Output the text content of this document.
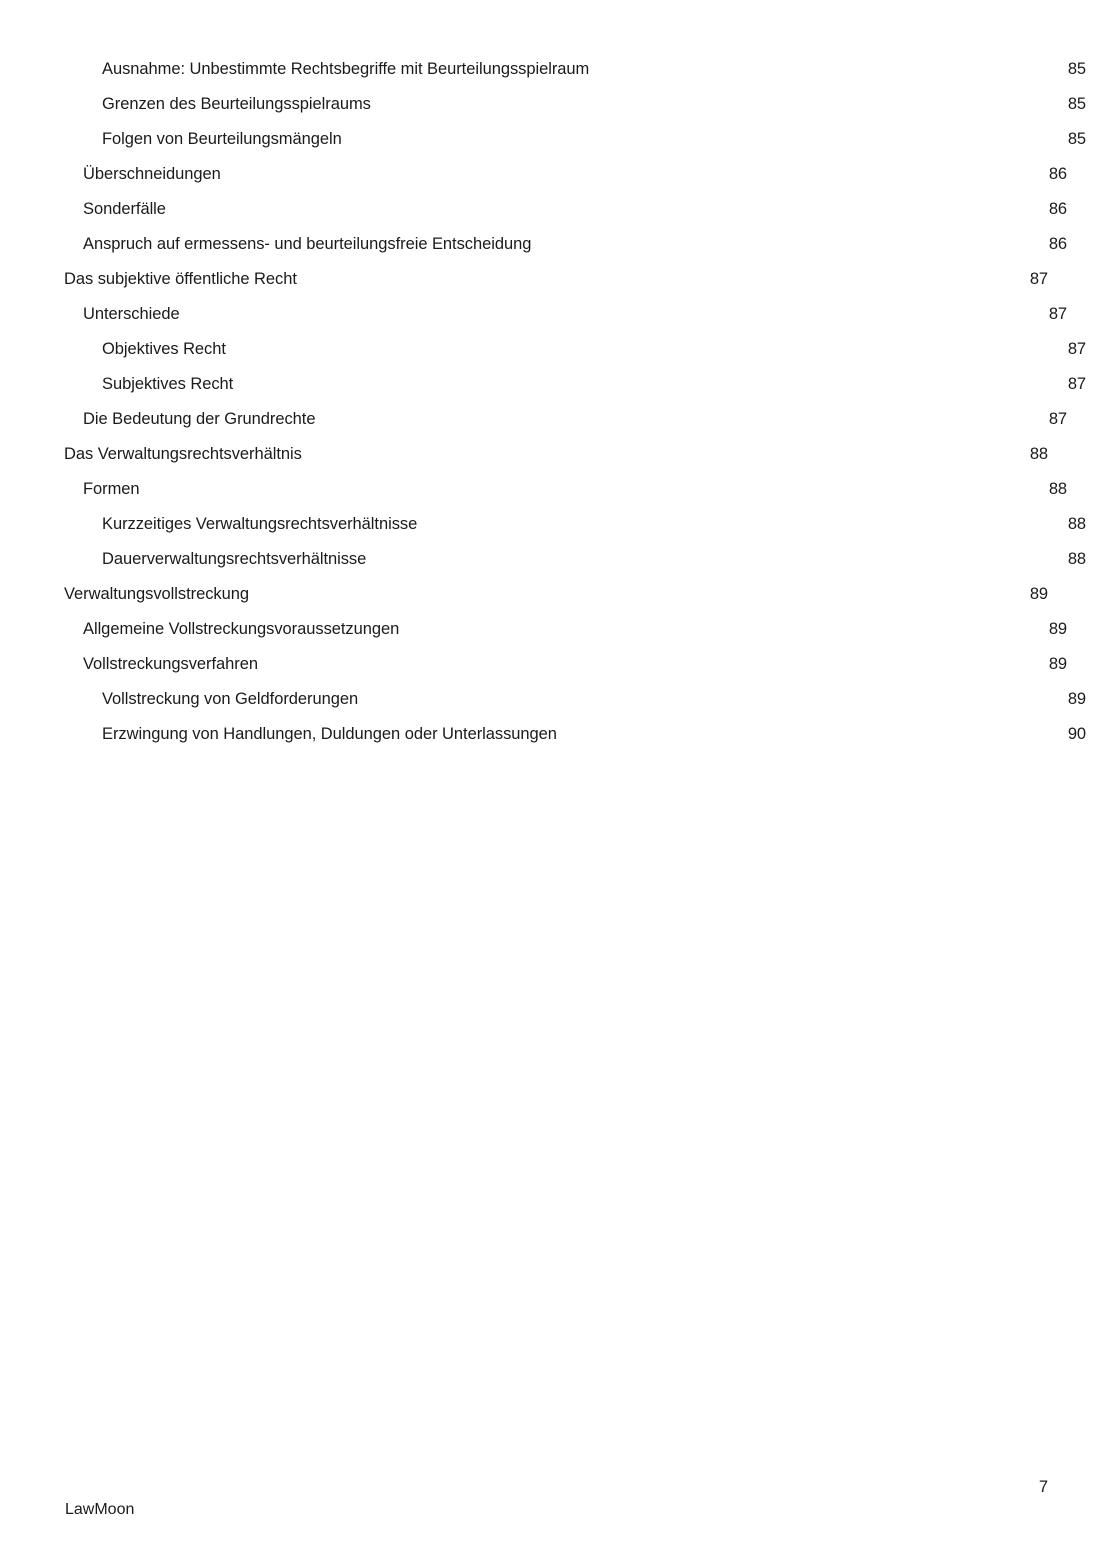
Ausnahme: Unbestimmte Rechtsbegriffe mit Beurteilungsspielraum .....	85
Grenzen des Beurteilungsspielraums .....	85
Folgen von Beurteilungsmängeln .....	85
Überschneidungen .....	86
Sonderfälle .....	86
Anspruch auf ermessens- und beurteilungsfreie Entscheidung .....	86
Das subjektive öffentliche Recht .....	87
Unterschiede .....	87
Objektives Recht .....	87
Subjektives Recht .....	87
Die Bedeutung der Grundrechte .....	87
Das Verwaltungsrechtsverhältnis .....	88
Formen .....	88
Kurzzeitiges Verwaltungsrechtsverhältnisse .....	88
Dauerverwaltungsrechtsverhältnisse .....	88
Verwaltungsvollstreckung .....	89
Allgemeine Vollstreckungsvoraussetzungen .....	89
Vollstreckungsverfahren .....	89
Vollstreckung von Geldforderungen .....	89
Erzwingung von Handlungen, Duldungen oder Unterlassungen .....	90
LawMoon
7
